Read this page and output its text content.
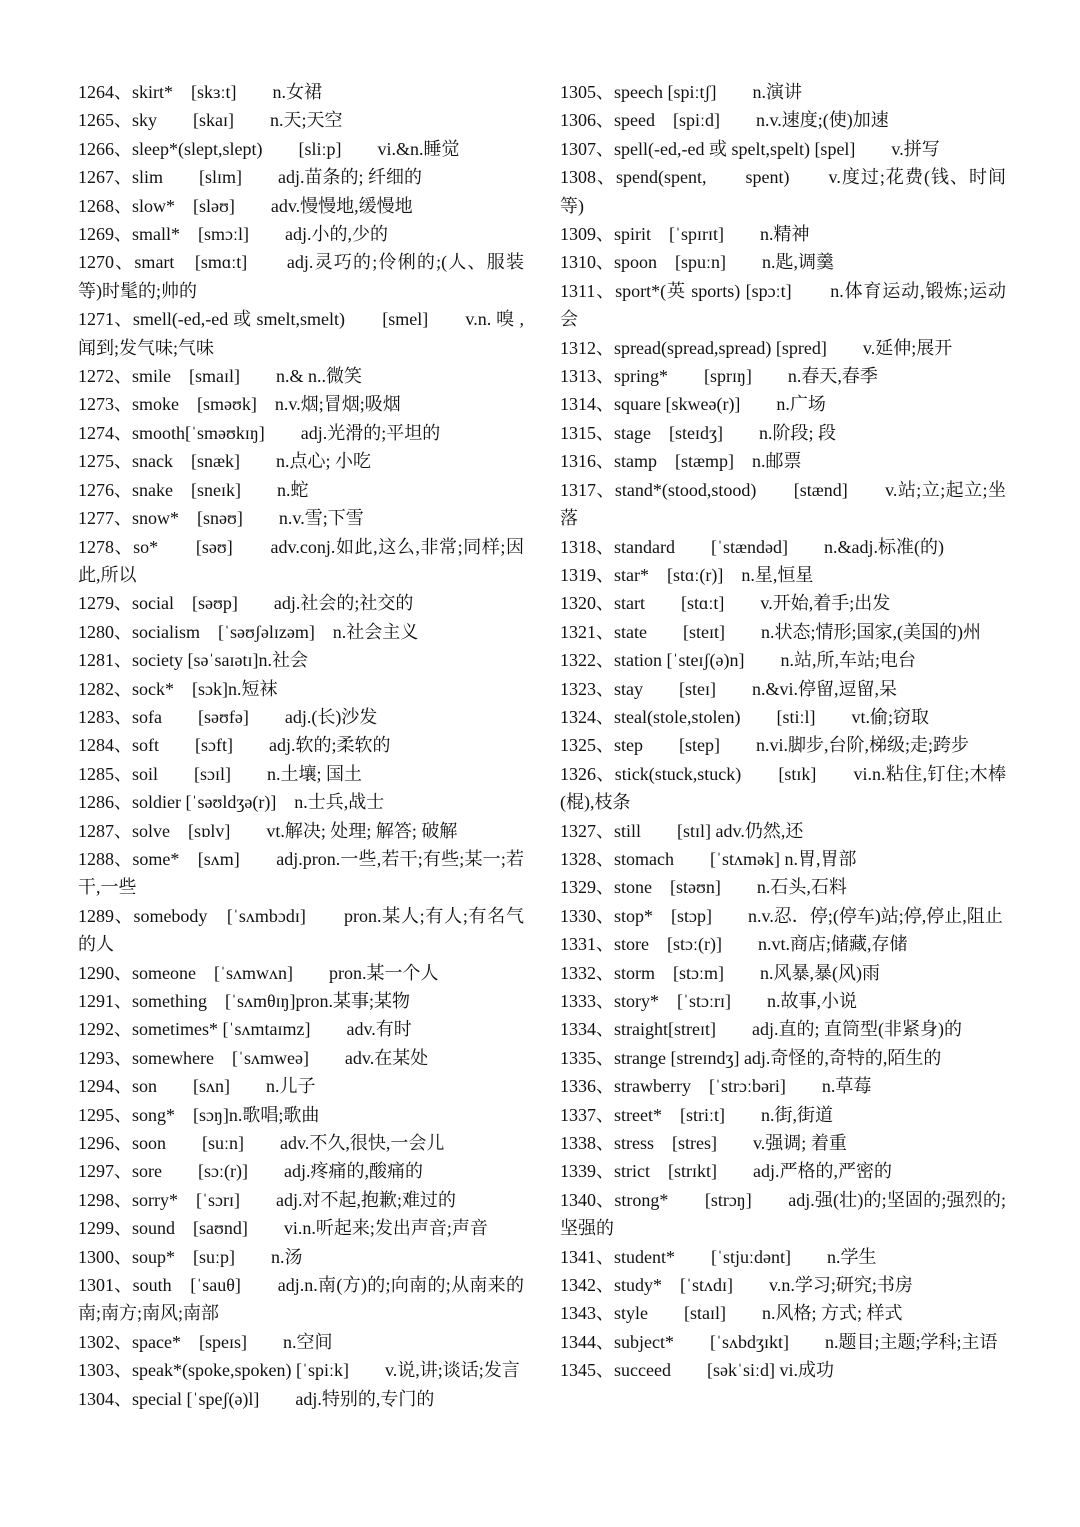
1264、skirt*　[skɜːt]　　n.女裙

1265、sky　　[skaɪ]　　n.天;天空

1266、sleep*(slept,slept)　　[sliːp]　　vi.&n.睡觉

1267、slim　　[slɪm]　　adj.苗条的; 纤细的

1268、slow*　[sləʊ]　　adv.慢慢地,缓慢地

1269、small*　[smɔːl]　　adj.小的,少的

1270、smart　[smɑːt]　　adj.灵巧的;伶俐的;(人、服装等)时髦的;帅的

1271、smell(-ed,-ed 或 smelt,smelt)　　[smel]　　v.n. 嗅 ,闻到;发气味;气味

1272、smile　[smaɪl]　　n.& n..微笑

1273、smoke　[sməʊk]　n.v.烟;冒烟;吸烟

1274、smooth[ˈsməʊkɪŋ]　　adj.光滑的;平坦的

1275、snack　[snæk]　　n.点心; 小吃

1276、snake　[sneɪk]　　n.蛇

1277、snow*　[snəʊ]　　n.v.雪;下雪

1278、so*　　[səʊ]　　adv.conj.如此,这么,非常;同样;因此,所以

1279、social　[səʊp]　　adj.社会的;社交的

1280、socialism　[ˈsəʊʃəlɪzəm]　n.社会主义

1281、society [səˈsaɪətɪ]n.社会

1282、sock*　[sɔk]n.短袜

1283、sofa　　[səʊfə]　　adj.(长)沙发

1284、soft　　[sɔft]　　adj.软的;柔软的

1285、soil　　[sɔɪl]　　n.土壤; 国土

1286、soldier [ˈsəʊldʒə(r)]　n.士兵,战士

1287、solve　[sɒlv]　　vt.解决; 处理; 解答; 破解

1288、some*　[sʌm]　　adj.pron.一些,若干;有些;某一;若干,一些

1289、somebody　[ˈsʌmbɔdɪ]　　pron.某人;有人;有名气的人

1290、someone　[ˈsʌmwʌn]　　pron.某一个人

1291、something　[ˈsʌmθɪŋ]pron.某事;某物

1292、sometimes* [ˈsʌmtaɪmz]　　adv.有时

1293、somewhere　[ˈsʌmweə]　　adv.在某处

1294、son　　[sʌn]　　n.儿子

1295、song*　[sɔŋ]n.歌唱;歌曲

1296、soon　　[suːn]　　adv.不久,很快,一会儿

1297、sore　　[sɔː(r)]　　adj.疼痛的,酸痛的

1298、sorry*　[ˈsɔrɪ]　　adj.对不起,抱歉;难过的

1299、sound　[saʊnd]　　vi.n.听起来;发出声音;声音

1300、soup*　[suːp]　　n.汤

1301、south　[ˈsauθ]　　adj.n.南(方)的;向南的;从南来的南;南方;南风;南部

1302、space*　[speɪs]　　n.空间

1303、speak*(spoke,spoken) [ˈspiːk]　　v.说,讲;谈话;发言

1304、special [ˈspeʃ(ə)l]　　adj.特别的,专门的

1305、speech [spiːtʃ]　　n.演讲

1306、speed　[spiːd]　　n.v.速度;(使)加速

1307、spell(-ed,-ed 或 spelt,spelt) [spel]　　v.拼写

1308、spend(spent,　　spent)　　v.度过;花费(钱、时间等)

1309、spirit　[ˈspɪrɪt]　　n.精神

1310、spoon　[spuːn]　　n.匙,调羹

1311、sport*(英 sports) [spɔːt]　　n.体育运动,锻炼;运动会

1312、spread(spread,spread) [spred]　　v.延伸;展开

1313、spring*　　[sprɪŋ]　　n.春天,春季

1314、square [skweə(r)]　　n.广场

1315、stage　[steɪdʒ]　　n.阶段; 段

1316、stamp　[stæmp]　n.邮票

1317、stand*(stood,stood)　　[stænd]　　v.站;立;起立;坐落

1318、standard　　[ˈstændəd]　　n.&adj.标准(的)

1319、star*　[stɑː(r)]　n.星,恒星

1320、start　　[stɑːt]　　v.开始,着手;出发

1321、state　　[steɪt]　　n.状态;情形;国家,(美国的)州

1322、station [ˈsteɪʃ(ə)n]　　n.站,所,车站;电台

1323、stay　　[steɪ]　　n.&vi.停留,逗留,呆

1324、steal(stole,stolen)　　[stiːl]　　vt.偷;窃取

1325、step　　[step]　　n.vi.脚步,台阶,梯级;走;跨步

1326、stick(stuck,stuck)　　[stɪk]　　vi.n.粘住,钉住;木棒(棍),枝条

1327、still　　[stɪl] adv.仍然,还

1328、stomach　　[ˈstʌmək] n.胃,胃部

1329、stone　[stəʊn]　　n.石头,石料

1330、stop*　[stɔp]　　n.v.忍．停;(停车)站;停,停止,阻止

1331、store　[stɔː(r)]　　n.vt.商店;储藏,存储

1332、storm　[stɔːm]　　n.风暴,暴(风)雨

1333、story*　[ˈstɔːrɪ]　　n.故事,小说

1334、straight[streɪt]　　adj.直的; 直筒型(非紧身)的

1335、strange [streɪndʒ] adj.奇怪的,奇特的,陌生的

1336、strawberry　[ˈstrɔːbəri]　　n.草莓

1337、street*　[striːt]　　n.街,街道

1338、stress　[stres]　　v.强调; 着重

1339、strict　[strɪkt]　　adj.严格的,严密的

1340、strong*　　[strɔŋ]　　adj.强(壮)的;坚固的;强烈的;坚强的

1341、student*　　[ˈstjuːdənt]　　n.学生

1342、study*　[ˈstʌdɪ]　　v.n.学习;研究;书房

1343、style　　[staɪl]　　n.风格; 方式; 样式

1344、subject*　　[ˈsʌbdʒɪkt]　　n.题目;主题;学科;主语

1345、succeed　　[səkˈsiːd] vi.成功
